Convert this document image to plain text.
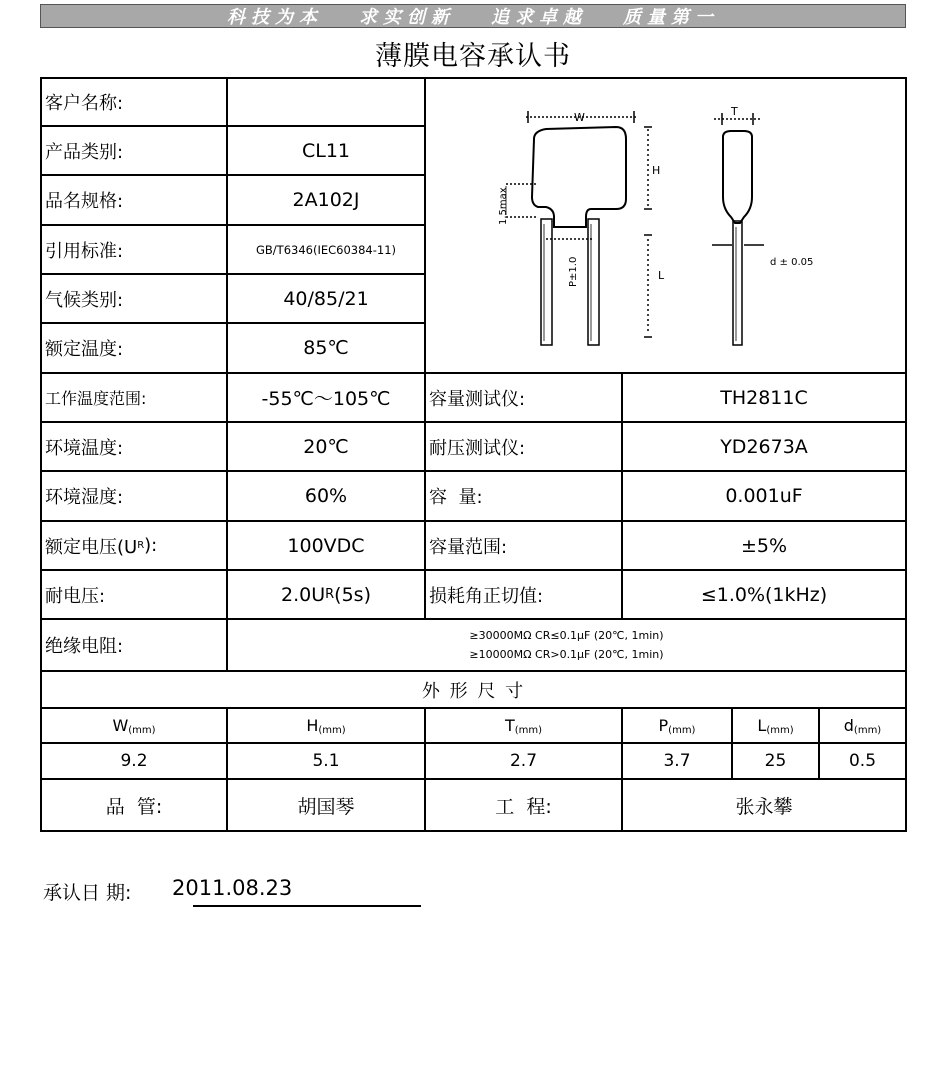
科技为本 求实创新 追求卓越 质量第一
薄膜电容承认书
客户名称:
产品类别:	CL11
品名规格:	2A102J
引用标准:	GB/T6346(IEC60384-11)
气候类别:	40/85/21
额定温度:	85℃
W
H
T
L
d ± 0.05
1.5max
P±1.0
工作温度范围:	-55℃～105℃	容量测试仪:	TH2811C
环境温度:	20℃	耐压测试仪:	YD2673A
环境湿度:	60%	容  量:	0.001uF
额定电压(U R ):	100VDC	容量范围:	±5%
耐电压:	2.0U R (5s)	损耗角正切值:	≤1.0%(1kHz)
绝缘电阻:
≥30000MΩ CR≤0.1μF (20℃, 1min)
≥10000MΩ CR>0.1μF (20℃, 1min)
外 形 尺 寸
W (mm)	H (mm)	T (mm)	P (mm)	L (mm)	d (mm)
9.2	5.1	2.7	3.7	25	0.5
品  管:	胡国琴	工  程:	张永攀
承认日 期: 2011.08.23
